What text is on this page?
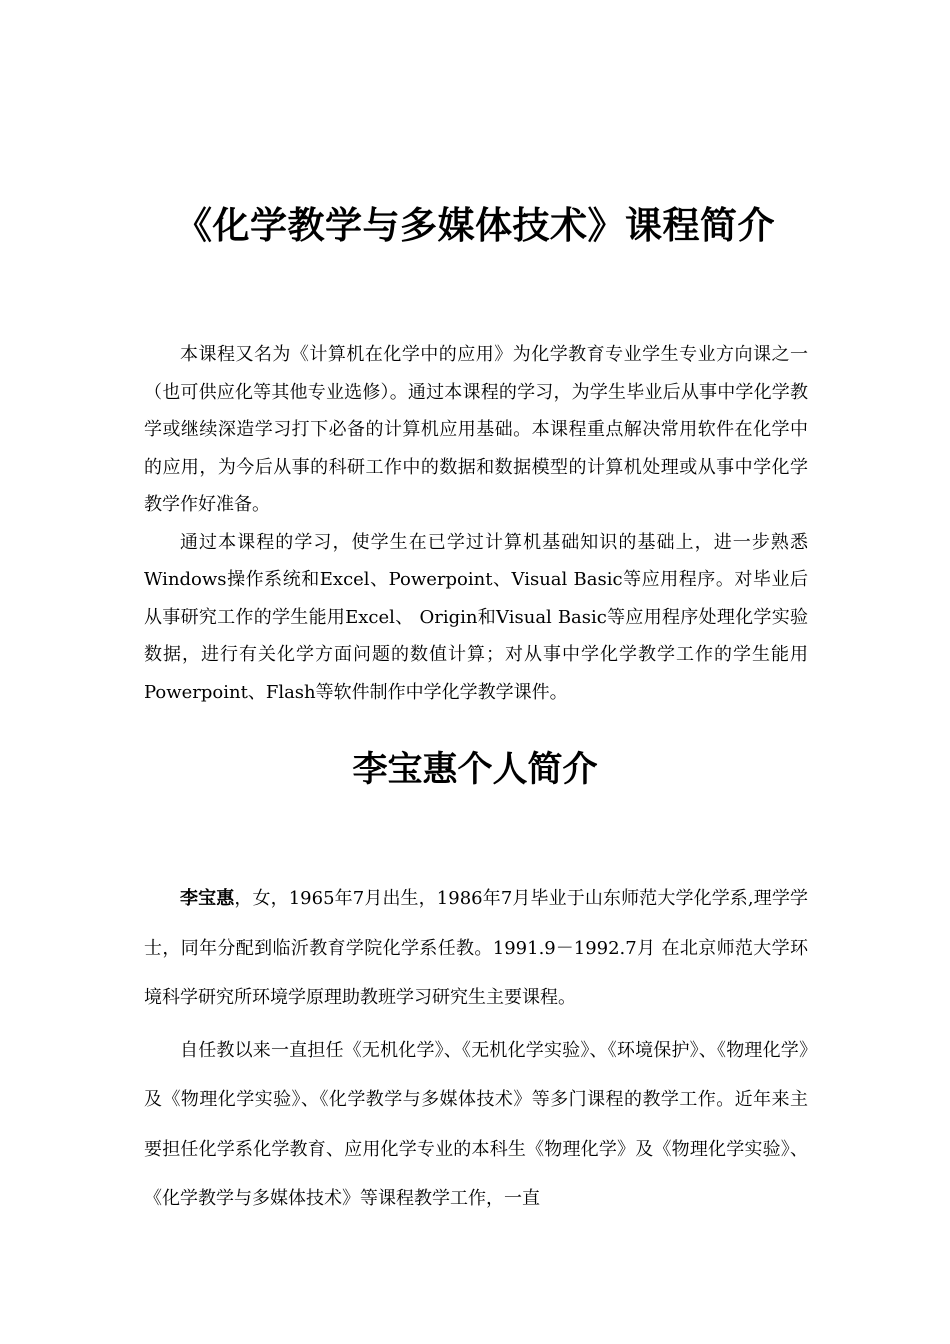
《化学教学与多媒体技术》课程简介

本课程又名为《计算机在化学中的应用》为化学教育专业学生专业方向课之一（也可供应化等其他专业选修）。通过本课程的学习，为学生毕业后从事中学化学教学或继续深造学习打下必备的计算机应用基础。本课程重点解决常用软件在化学中的应用，为今后从事的科研工作中的数据和数据模型的计算机处理或从事中学化学教学作好准备。

通过本课程的学习，使学生在已学过计算机基础知识的基础上，进一步熟悉Windows操作系统和Excel、Powerpoint、Visual Basic等应用程序。对毕业后从事研究工作的学生能用Excel、 Origin和Visual Basic等应用程序处理化学实验数据，进行有关化学方面问题的数值计算；对从事中学化学教学工作的学生能用Powerpoint、Flash等软件制作中学化学教学课件。

李宝惠个人简介

李宝惠，女，1965年7月出生，1986年7月毕业于山东师范大学化学系,理学学士，同年分配到临沂教育学院化学系任教。1991.9－1992.7月 在北京师范大学环境科学研究所环境学原理助教班学习研究生主要课程。

自任教以来一直担任《无机化学》、《无机化学实验》、《环境保护》、《物理化学》及《物理化学实验》、《化学教学与多媒体技术》等多门课程的教学工作。近年来主要担任化学系化学教育、应用化学专业的本科生《物理化学》及《物理化学实验》、《化学教学与多媒体技术》等课程教学工作，一直
